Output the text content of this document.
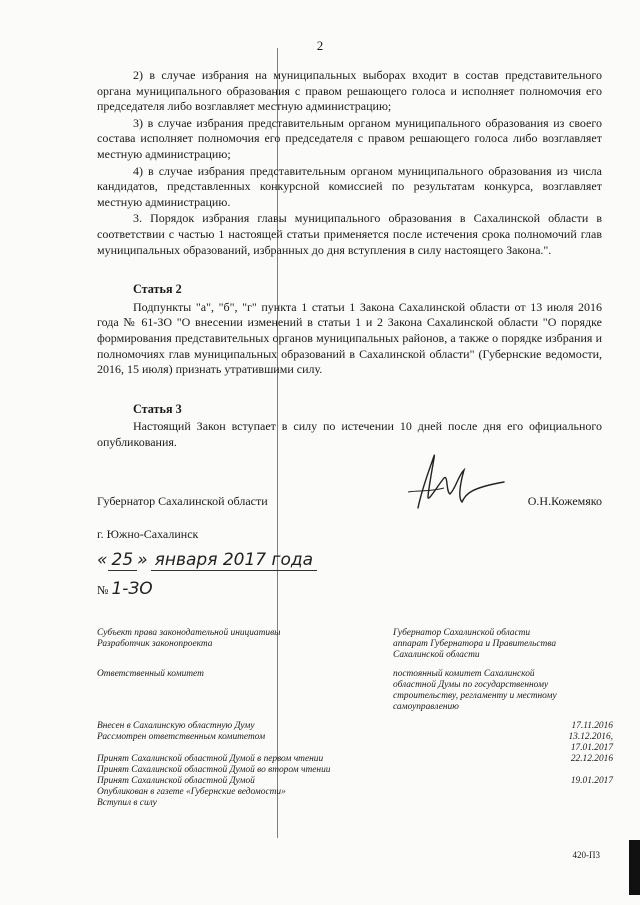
2

2) в случае избрания на муниципальных выборах входит в состав представительного органа муниципального образования с правом решающего голоса и исполняет полномочия его председателя либо возглавляет местную администрацию;

3) в случае избрания представительным органом муниципального образования из своего состава исполняет полномочия его председателя с правом решающего голоса либо возглавляет местную администрацию;

4) в случае избрания представительным органом муниципального образования из числа кандидатов, представленных конкурсной комиссией по результатам конкурса, возглавляет местную администрацию.

3. Порядок избрания главы муниципального образования в Сахалинской области в соответствии с частью 1 настоящей статьи применяется после истечения срока полномочий глав муниципальных образований, избранных до дня вступления в силу настоящего Закона.".

Статья 2

Подпункты "а", "б", "г" пункта 1 статьи 1 Закона Сахалинской области от 13 июля 2016 года № 61-ЗО "О внесении изменений в статьи 1 и 2 Закона Сахалинской области "О порядке формирования представительных органов муниципальных районов, а также о порядке избрания и полномочиях глав муниципальных образований в Сахалинской области" (Губернские ведомости, 2016, 15 июля) признать утратившими силу.

Статья 3

Настоящий Закон вступает в силу по истечении 10 дней после дня его официального опубликования.

Губернатор Сахалинской области	О.Н.Кожемяко
г. Южно-Сахалинск
« 25 » января 2017 года
№ 1-ЗО
Субъект права законодательной инициативы	Губернатор Сахалинской области
Разработчик законопроекта	аппарат Губернатора и Правительства
Сахалинской области
Ответственный комитет	постоянный комитет Сахалинской
областной Думы по государственному
строительству, регламенту и местному
самоуправлению
Внесен в Сахалинскую областную Думу	17.11.2016
Рассмотрен ответственным комитетом	13.12.2016,
17.01.2017
Принят Сахалинской областной Думой в первом чтении	22.12.2016
Принят Сахалинской областной Думой во втором чтении
Принят Сахалинской областной Думой	19.01.2017
Опубликован в газете «Губернские ведомости»
Вступил в силу
420-П3
